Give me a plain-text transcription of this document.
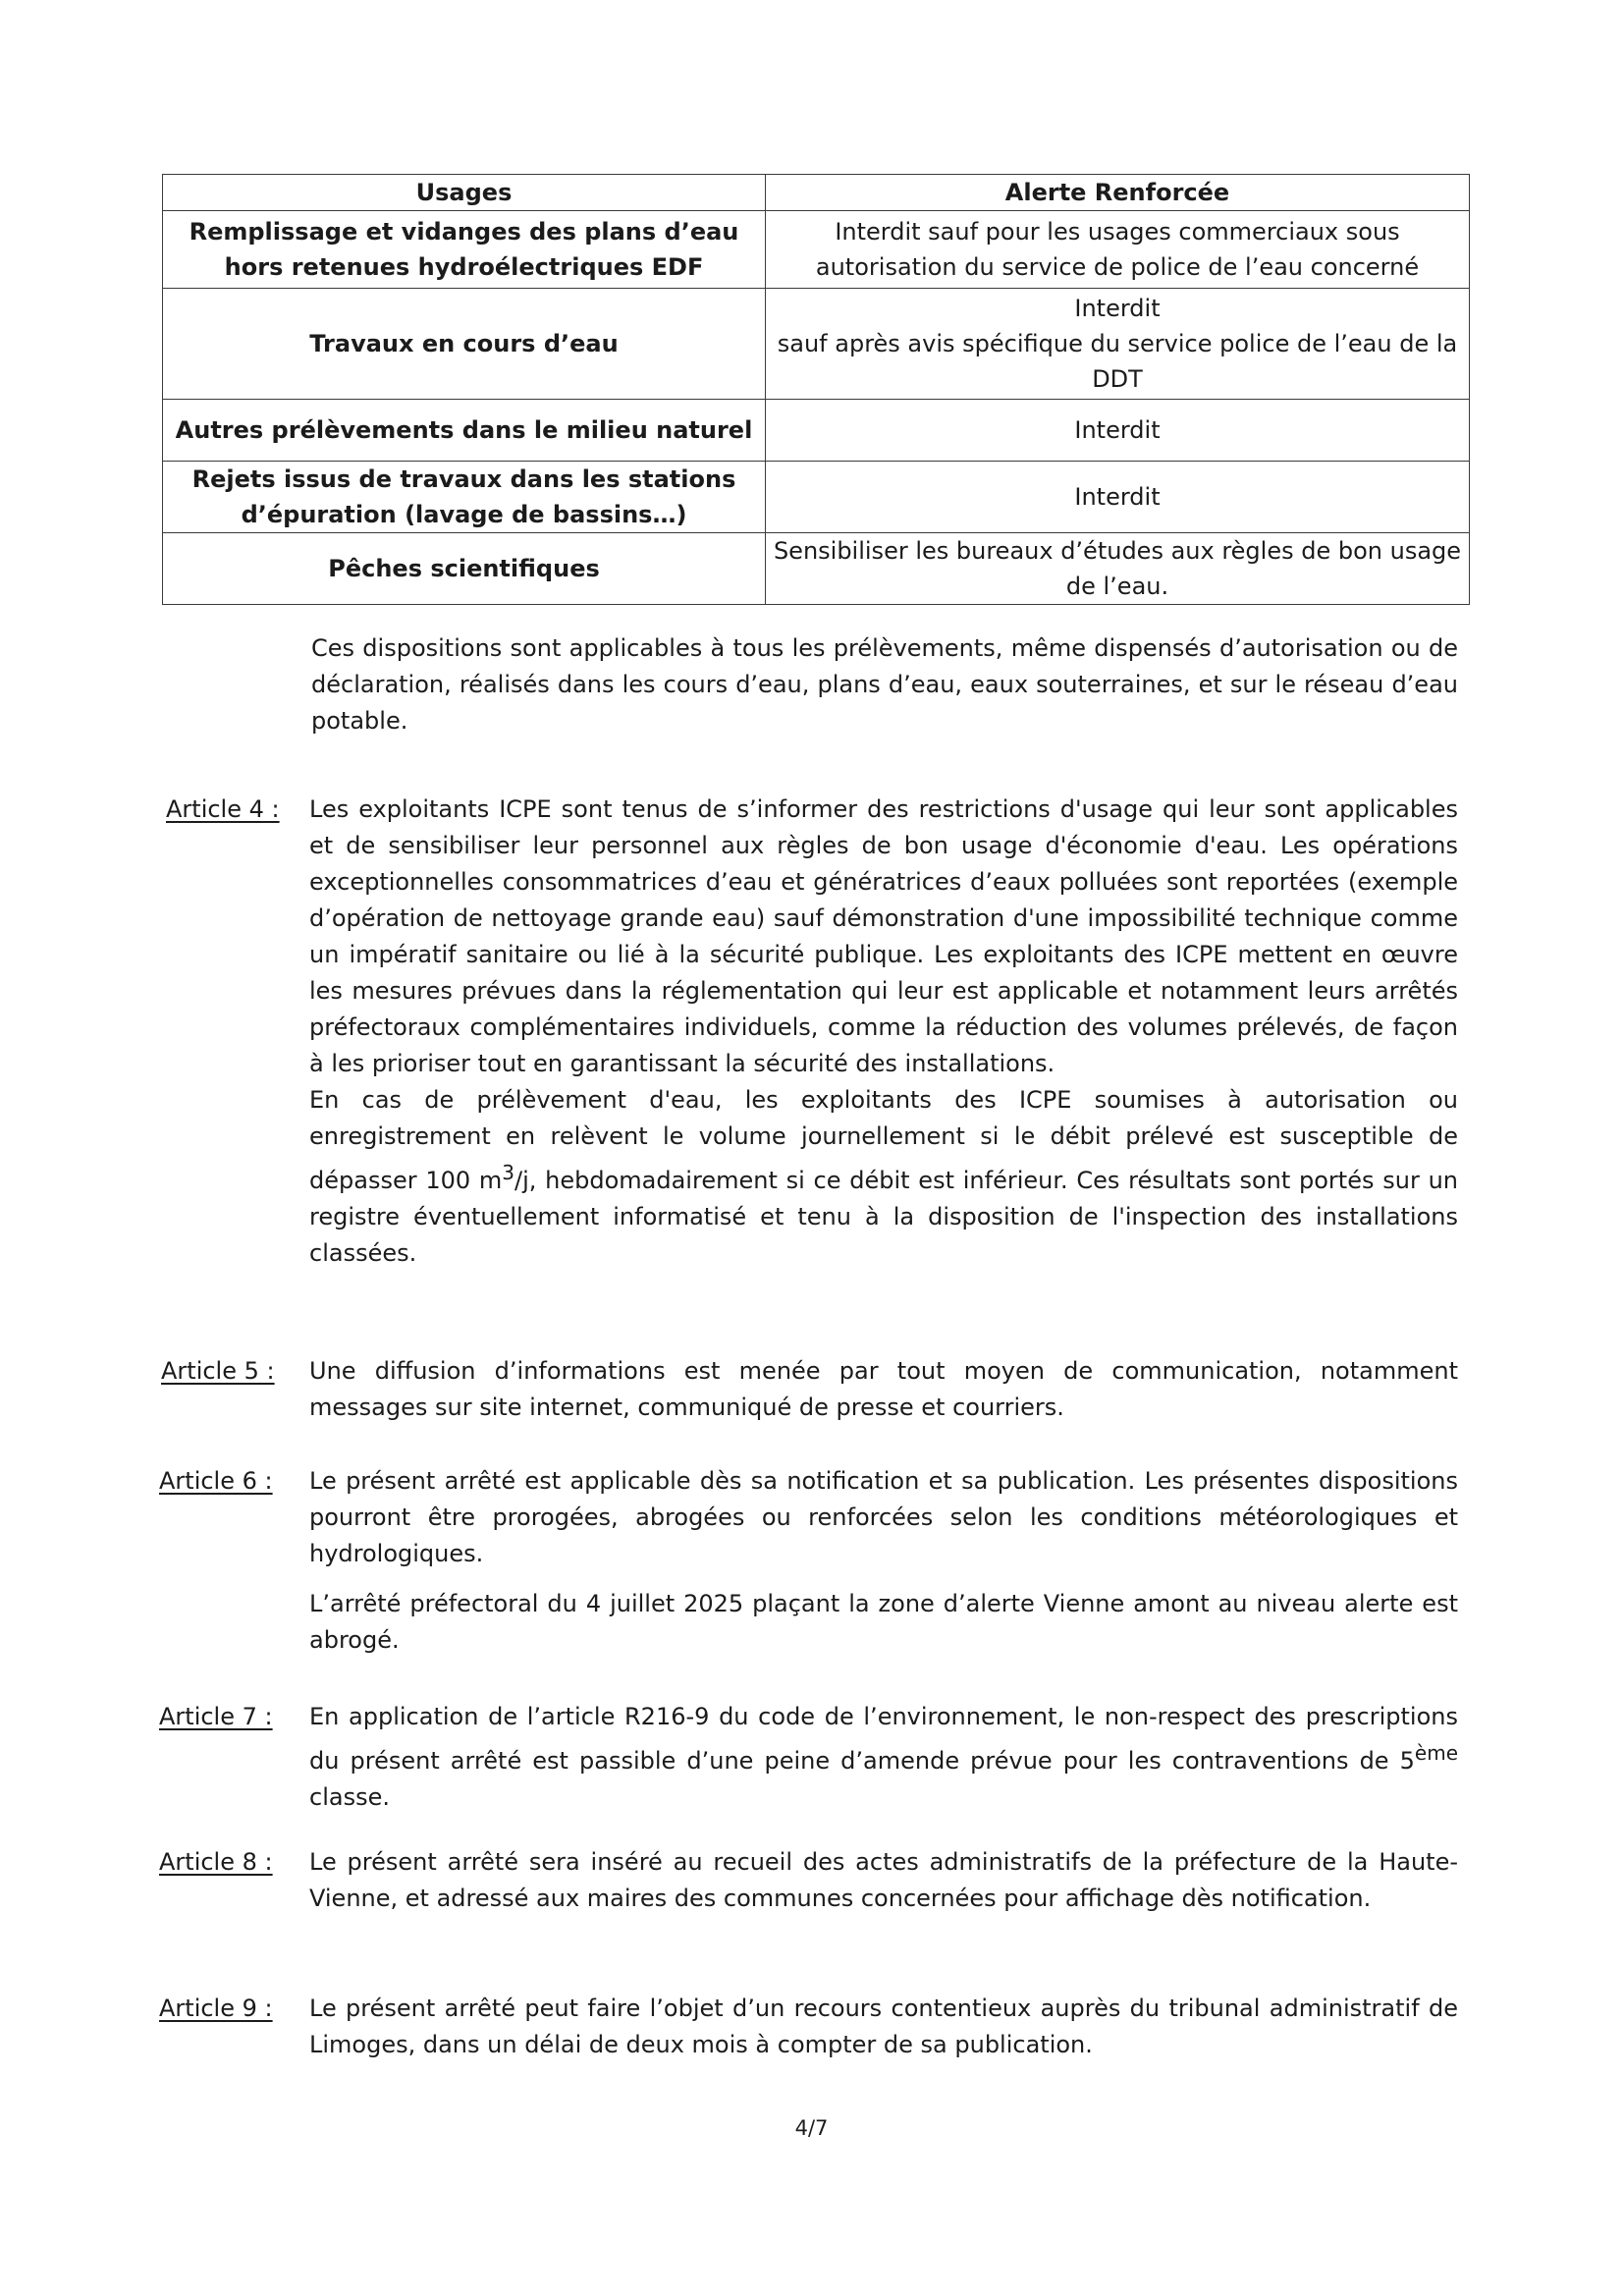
Usages	Alerte Renforcée
Remplissage et vidanges des plans d’eau hors retenues hydroélectriques EDF	Interdit sauf pour les usages commerciaux sous autorisation du service de police de l’eau concerné
Travaux en cours d’eau	Interdit
sauf après avis spécifique du service police de l’eau de la DDT

Autres prélèvements dans le milieu naturel	Interdit
Rejets issus de travaux dans les stations d’épuration (lavage de bassins…)	Interdit
Pêches scientifiques	Sensibiliser les bureaux d’études aux règles de bon usage de l’eau.

Ces dispositions sont applicables à tous les prélèvements, même dispensés d’autorisation ou de déclaration, réalisés dans les cours d’eau, plans d’eau, eaux souterraines, et sur le réseau d’eau potable.

Article 4 : Les exploitants ICPE sont tenus de s’informer des restrictions d'usage qui leur sont applicables et de sensibiliser leur personnel aux règles de bon usage d'économie d'eau. Les opérations exceptionnelles consommatrices d’eau et génératrices d’eaux polluées sont reportées (exemple d’opération de nettoyage grande eau) sauf démonstration d'une impossibilité technique comme un impératif sanitaire ou lié à la sécurité publique. Les exploitants des ICPE mettent en œuvre les mesures prévues dans la réglementation qui leur est applicable et notamment leurs arrêtés préfectoraux complémentaires individuels, comme la réduction des volumes prélevés, de façon à les prioriser tout en garantissant la sécurité des installations.

En cas de prélèvement d'eau, les exploitants des ICPE soumises à autorisation ou enregistrement en relèvent le volume journellement si le débit prélevé est susceptible de dépasser 100 $m^3/j$, hebdomadairement si ce débit est inférieur. Ces résultats sont portés sur un registre éventuellement informatisé et tenu à la disposition de l'inspection des installations classées.

Article 5 : Une diffusion d’informations est menée par tout moyen de communication, notamment messages sur site internet, communiqué de presse et courriers.

Article 6 : Le présent arrêté est applicable dès sa notification et sa publication. Les présentes dispositions pourront être prorogées, abrogées ou renforcées selon les conditions météorologiques et hydrologiques.

L’arrêté préfectoral du 4 juillet 2025 plaçant la zone d’alerte Vienne amont au niveau alerte est abrogé.

Article 7 : En application de l’article R216-9 du code de l’environnement, le non-respect des prescriptions du présent arrêté est passible d’une peine d’amende prévue pour les contraventions de 5ème classe.

Article 8 : Le présent arrêté sera inséré au recueil des actes administratifs de la préfecture de la Haute-Vienne, et adressé aux maires des communes concernées pour affichage dès notification.

Article 9 : Le présent arrêté peut faire l’objet d’un recours contentieux auprès du tribunal administratif de Limoges, dans un délai de deux mois à compter de sa publication.

4/7
